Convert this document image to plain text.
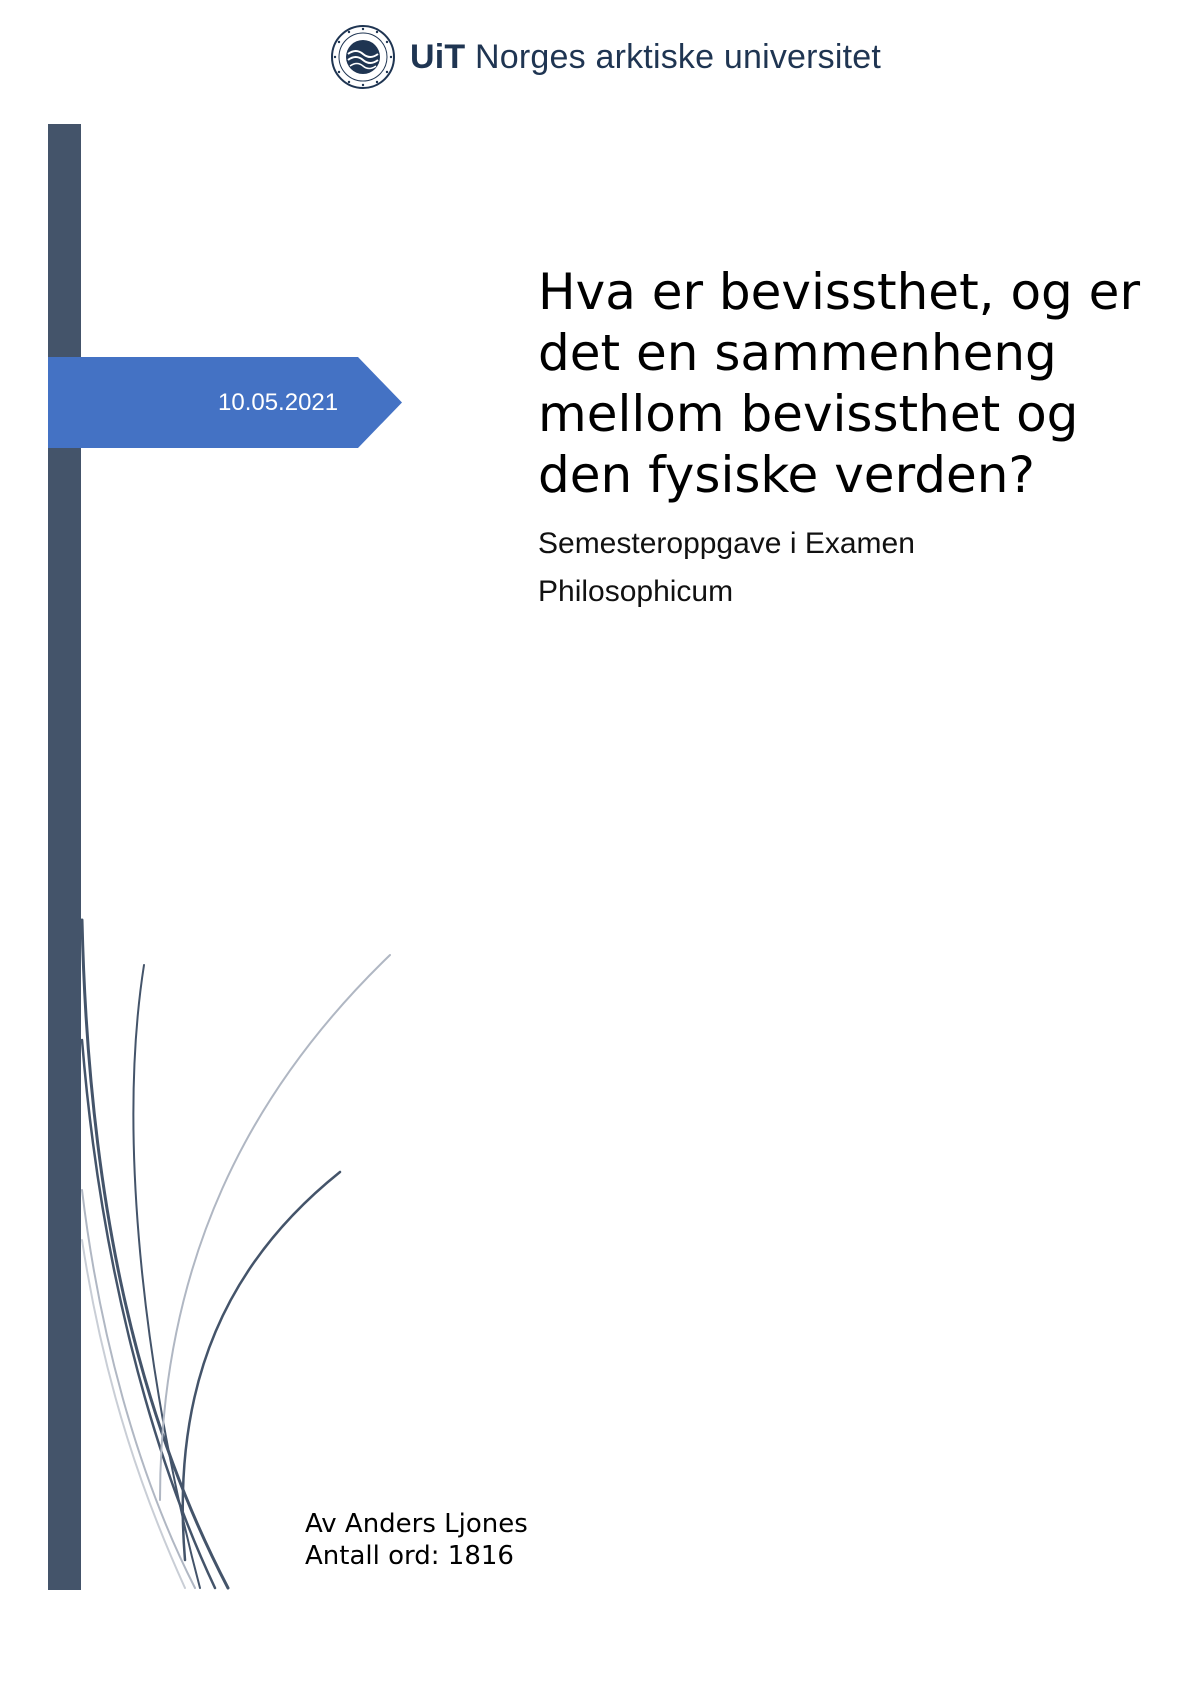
UiT Norges arktiske universitet
10.05.2021
Hva er bevissthet, og er det en sammenheng mellom bevissthet og den fysiske verden?

Semesteroppgave i Examen Philosophicum

Av Anders Ljones
Antall ord: 1816
